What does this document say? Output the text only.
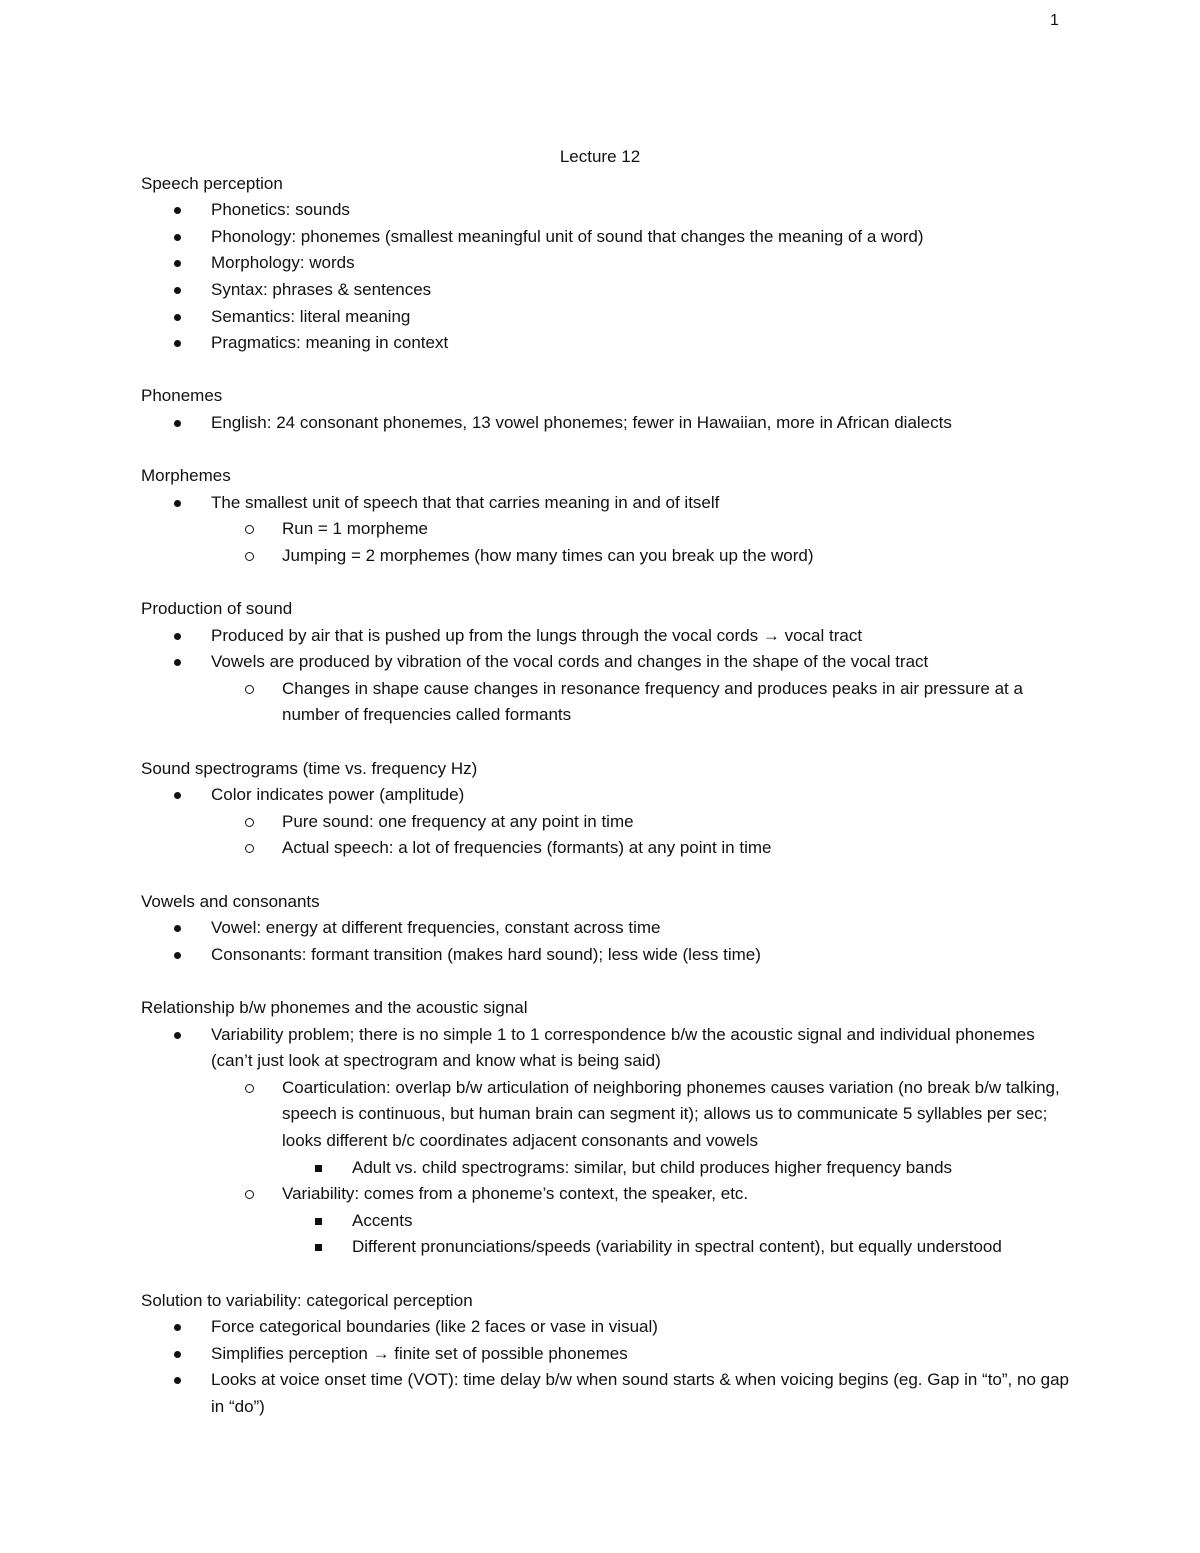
1
Lecture 12
Speech perception
Phonetics: sounds
Phonology: phonemes (smallest meaningful unit of sound that changes the meaning of a word)
Morphology: words
Syntax: phrases & sentences
Semantics: literal meaning
Pragmatics: meaning in context
Phonemes
English: 24 consonant phonemes, 13 vowel phonemes; fewer in Hawaiian, more in African dialects
Morphemes
The smallest unit of speech that that carries meaning in and of itself
Run = 1 morpheme
Jumping = 2 morphemes (how many times can you break up the word)
Production of sound
Produced by air that is pushed up from the lungs through the vocal cords → vocal tract
Vowels are produced by vibration of the vocal cords and changes in the shape of the vocal tract
Changes in shape cause changes in resonance frequency and produces peaks in air pressure at a number of frequencies called formants
Sound spectrograms (time vs. frequency Hz)
Color indicates power (amplitude)
Pure sound: one frequency at any point in time
Actual speech: a lot of frequencies (formants) at any point in time
Vowels and consonants
Vowel: energy at different frequencies, constant across time
Consonants: formant transition (makes hard sound); less wide (less time)
Relationship b/w phonemes and the acoustic signal
Variability problem; there is no simple 1 to 1 correspondence b/w the acoustic signal and individual phonemes (can’t just look at spectrogram and know what is being said)
Coarticulation: overlap b/w articulation of neighboring phonemes causes variation (no break b/w talking, speech is continuous, but human brain can segment it); allows us to communicate 5 syllables per sec; looks different b/c coordinates adjacent consonants and vowels
Adult vs. child spectrograms: similar, but child produces higher frequency bands
Variability: comes from a phoneme’s context, the speaker, etc.
Accents
Different pronunciations/speeds (variability in spectral content), but equally understood
Solution to variability: categorical perception
Force categorical boundaries (like 2 faces or vase in visual)
Simplifies perception → finite set of possible phonemes
Looks at voice onset time (VOT): time delay b/w when sound starts & when voicing begins (eg. Gap in “to”, no gap in “do”)
